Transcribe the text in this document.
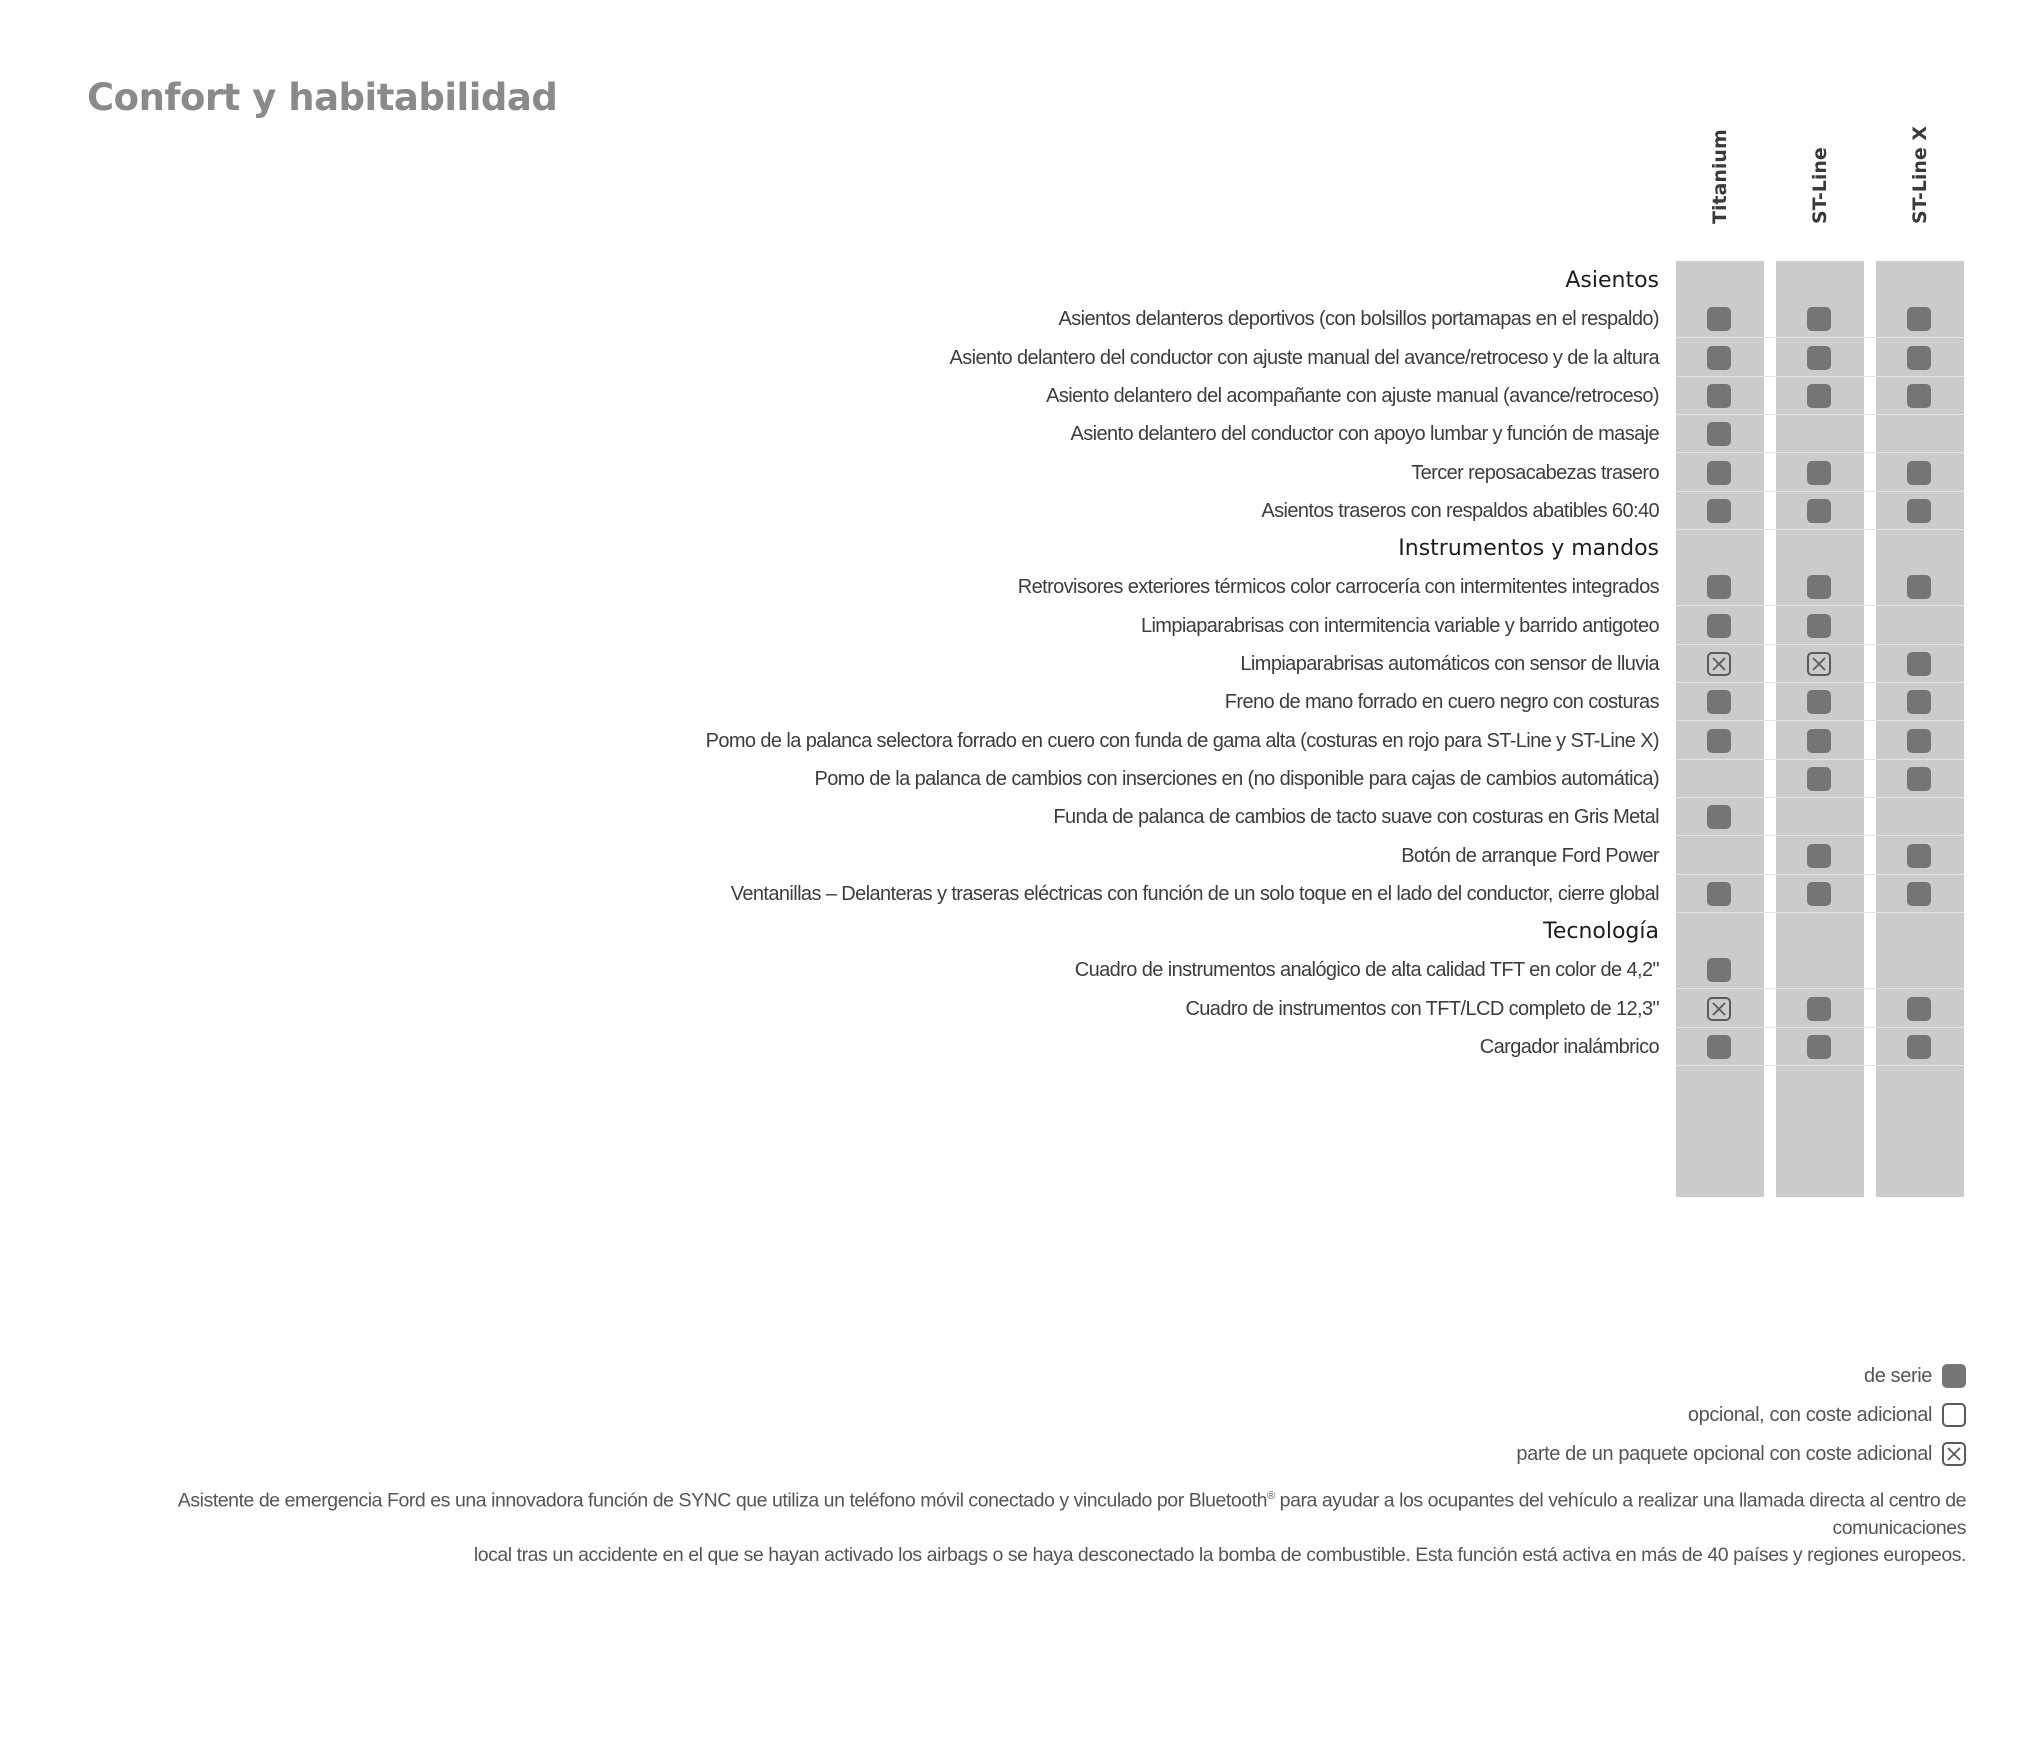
Confort y habitabilidad
Titanium	ST-Line	ST-Line X
Asientos
Asientos delanteros deportivos (con bolsillos portamapas en el respaldo)
Asiento delantero del conductor con ajuste manual del avance/retroceso y de la altura
Asiento delantero del acompañante con ajuste manual (avance/retroceso)
Asiento delantero del conductor con apoyo lumbar y función de masaje
Tercer reposacabezas trasero
Asientos traseros con respaldos abatibles 60:40
Instrumentos y mandos
Retrovisores exteriores térmicos color carrocería con intermitentes integrados
Limpiaparabrisas con intermitencia variable y barrido antigoteo
Limpiaparabrisas automáticos con sensor de lluvia
Freno de mano forrado en cuero negro con costuras
Pomo de la palanca selectora forrado en cuero con funda de gama alta (costuras en rojo para ST-Line y ST-Line X)
Pomo de la palanca de cambios con inserciones en (no disponible para cajas de cambios automática)
Funda de palanca de cambios de tacto suave con costuras en Gris Metal
Botón de arranque Ford Power
Ventanillas – Delanteras y traseras eléctricas con función de un solo toque en el lado del conductor, cierre global
Tecnología
Cuadro de instrumentos analógico de alta calidad TFT en color de 4,2"
Cuadro de instrumentos con TFT/LCD completo de 12,3"
Cargador inalámbrico
de serie
opcional, con coste adicional
parte de un paquete opcional con coste adicional

Asistente de emergencia Ford es una innovadora función de SYNC que utiliza un teléfono móvil conectado y vinculado por Bluetooth® para ayudar a los ocupantes del vehículo a realizar una llamada directa al centro de comunicaciones
local tras un accidente en el que se hayan activado los airbags o se haya desconectado la bomba de combustible. Esta función está activa en más de 40 países y regiones europeos.
